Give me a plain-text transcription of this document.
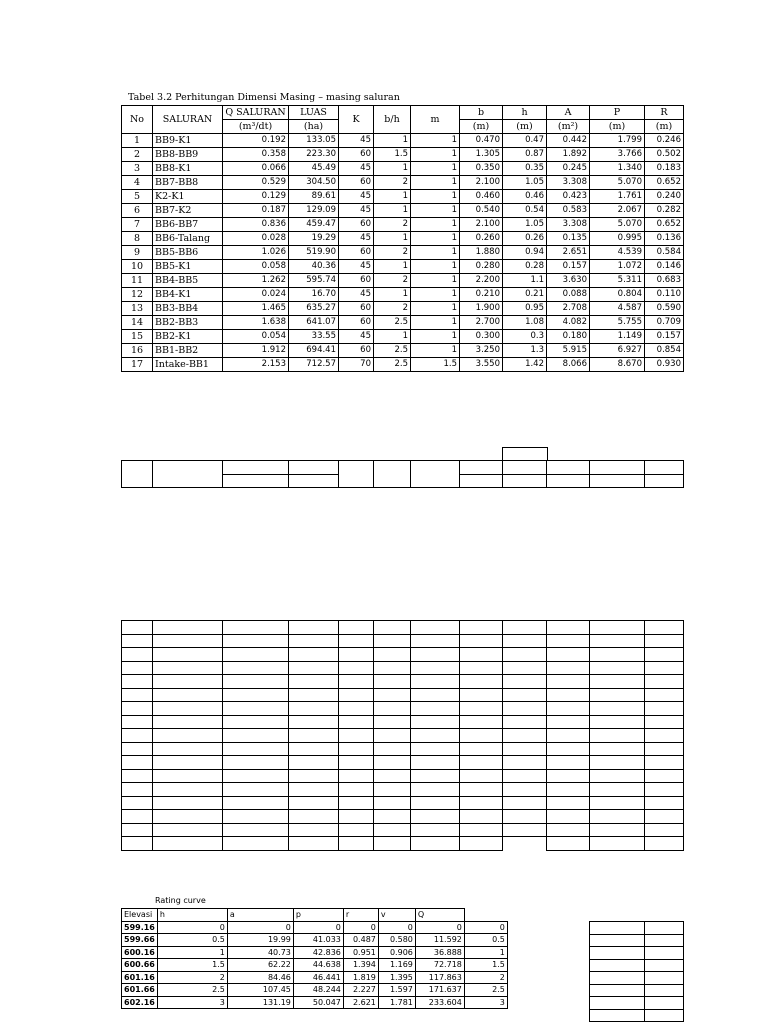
Tabel 3.2 Perhitungan Dimensi Masing – masing saluran
No	SALURAN	Q SALURAN	LUAS	K	b/h	m	b	h	A	P	R
		(m³/dt)	(ha)				(m)	(m)	(m²)	(m)	(m)
1	BB9-K1	0.192	133.05	45	1	1	0.470	0.47	0.442	1.799	0.246
2	BB8-BB9	0.358	223.30	60	1.5	1	1.305	0.87	1.892	3.766	0.502
3	BB8-K1	0.066	45.49	45	1	1	0.350	0.35	0.245	1.340	0.183
4	BB7-BB8	0.529	304.50	60	2	1	2.100	1.05	3.308	5.070	0.652
5	K2-K1	0.129	89.61	45	1	1	0.460	0.46	0.423	1.761	0.240
6	BB7-K2	0.187	129.09	45	1	1	0.540	0.54	0.583	2.067	0.282
7	BB6-BB7	0.836	459.47	60	2	1	2.100	1.05	3.308	5.070	0.652
8	BB6-Talang	0.028	19.29	45	1	1	0.260	0.26	0.135	0.995	0.136
9	BB5-BB6	1.026	519.90	60	2	1	1.880	0.94	2.651	4.539	0.584
10	BB5-K1	0.058	40.36	45	1	1	0.280	0.28	0.157	1.072	0.146
11	BB4-BB5	1.262	595.74	60	2	1	2.200	1.1	3.630	5.311	0.683
12	BB4-K1	0.024	16.70	45	1	1	0.210	0.21	0.088	0.804	0.110
13	BB3-BB4	1.465	635.27	60	2	1	1.900	0.95	2.708	4.587	0.590
14	BB2-BB3	1.638	641.07	60	2.5	1	2.700	1.08	4.082	5.755	0.709
15	BB2-K1	0.054	33.55	45	1	1	0.300	0.3	0.180	1.149	0.157
16	BB1-BB2	1.912	694.41	60	2.5	1	3.250	1.3	5.915	6.927	0.854
17	Intake-BB1	2.153	712.57	70	2.5	1.5	3.550	1.42	8.066	8.670	0.930

Rating curve
Elevasi	h	a	p	r	v	Q	
599.16	0	0	0	0	0	0	0
599.66	0.5	19.99	41.033	0.487	0.580	11.592	0.5
600.16	1	40.73	42.836	0.951	0.906	36.888	1
600.66	1.5	62.22	44.638	1.394	1.169	72.718	1.5
601.16	2	84.46	46.441	1.819	1.395	117.863	2
601.66	2.5	107.45	48.244	2.227	1.597	171.637	2.5
602.16	3	131.19	50.047	2.621	1.781	233.604	3
